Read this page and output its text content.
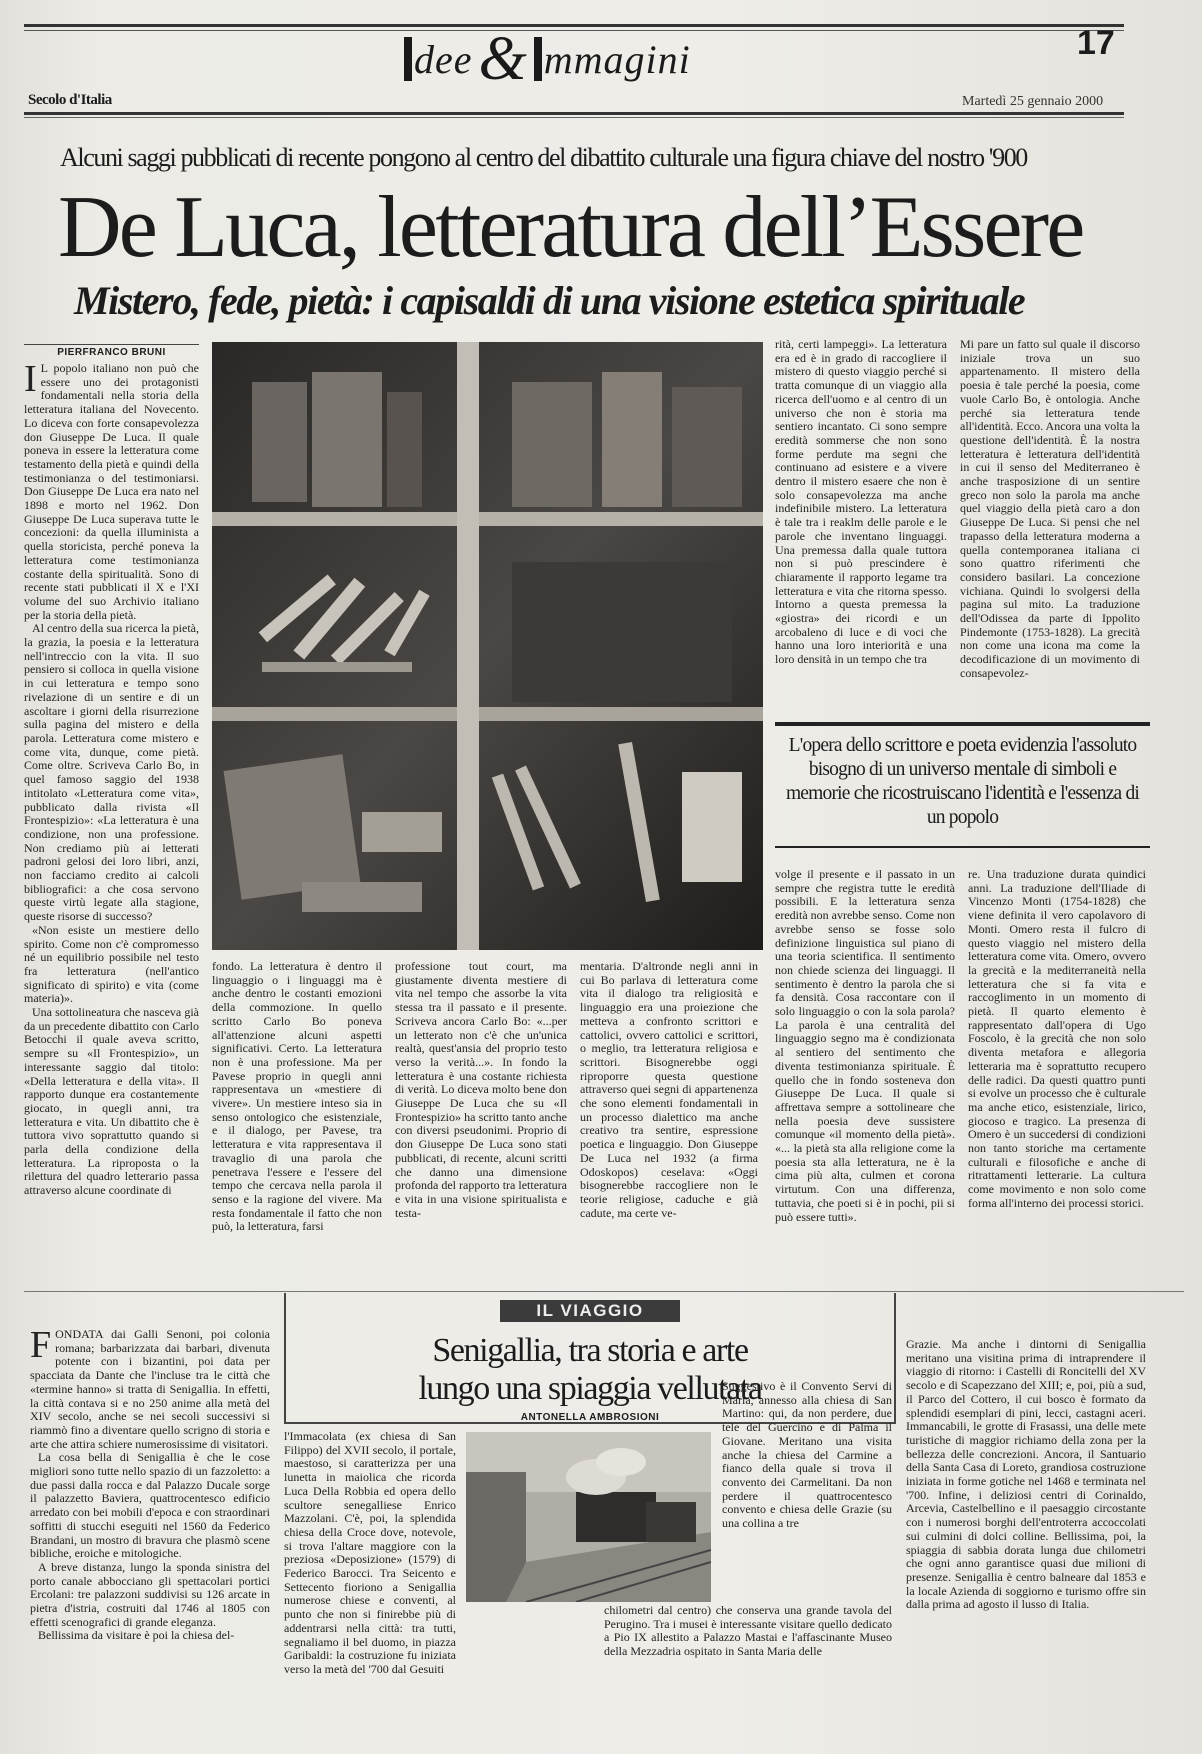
dee& mmagini	17
Secolo d'Italia	Martedì 25 gennaio 2000
Alcuni saggi pubblicati di recente pongono al centro del dibattito culturale una figura chiave del nostro '900
De Luca, letteratura dell’Essere
Mistero, fede, pietà: i capisaldi di una visione estetica spirituale
PIERFRANCO BRUNI

I L popolo italiano non può che essere uno dei protagonisti fondamentali nella storia della letteratura italiana del Novecento. Lo diceva con forte consapevolezza don Giuseppe De Luca. Il quale poneva in essere la letteratura come testamento della pietà e quindi della testimonianza o del testimoniarsi. Don Giuseppe De Luca era nato nel 1898 e morto nel 1962. Don Giuseppe De Luca superava tutte le concezioni: da quella illuminista a quella storicista, perché poneva la letteratura come testimonianza costante della spiritualità. Sono di recente stati pubblicati il X e l'XI volume del suo Archivio italiano per la storia della pietà.

Al centro della sua ricerca la pietà, la grazia, la poesia e la letteratura nell'intreccio con la vita. Il suo pensiero si colloca in quella visione in cui letteratura e tempo sono rivelazione di un sentire e di un ascoltare i giorni della risurrezione sulla pagina del mistero e della parola. Letteratura come mistero e come vita, dunque, come pietà. Come oltre. Scriveva Carlo Bo, in quel famoso saggio del 1938 intitolato «Letteratura come vita», pubblicato dalla rivista «Il Frontespizio»: «La letteratura è una condizione, non una professione. Non crediamo più ai letterati padroni gelosi dei loro libri, anzi, non facciamo credito ai calcoli bibliografici: a che cosa servono queste virtù legate alla stagione, queste risorse di successo?

«Non esiste un mestiere dello spirito. Come non c'è compromesso né un equilibrio possibile nel testo fra letteratura (nell'antico significato di spirito) e vita (come materia)».

Una sottolineatura che nasceva già da un precedente dibattito con Carlo Betocchi il quale aveva scritto, sempre su «Il Frontespizio», un interessante saggio dal titolo: «Della letteratura e della vita». Il rapporto dunque era costantemente giocato, in quegli anni, tra letteratura e vita. Un dibattito che è tuttora vivo soprattutto quando si parla della condizione della letteratura. La riproposta o la rilettura del quadro letterario passa attraverso alcune coordinate di

fondo. La letteratura è dentro il linguaggio o i linguaggi ma è anche dentro le costanti emozioni della commozione. In quello scritto Carlo Bo poneva all'attenzione alcuni aspetti significativi. Certo. La letteratura non è una professione. Ma per Pavese proprio in quegli anni rappresentava un «mestiere di vivere». Un mestiere inteso sia in senso ontologico che esistenziale, e il dialogo, per Pavese, tra letteratura e vita rappresentava il travaglio di una parola che penetrava l'essere e l'essere del tempo che cercava nella parola il senso e la ragione del vivere. Ma resta fondamentale il fatto che non può, la letteratura, farsi
professione tout court, ma giustamente diventa mestiere di vita nel tempo che assorbe la vita stessa tra il passato e il presente. Scriveva ancora Carlo Bo: «...per un letterato non c'è che un'unica realtà, quest'ansia del proprio testo verso la verità...». In fondo la letteratura è una costante richiesta di verità. Lo diceva molto bene don Giuseppe De Luca che su «Il Frontespizio» ha scritto tanto anche con diversi pseudonimi. Proprio di don Giuseppe De Luca sono stati pubblicati, di recente, alcuni scritti che danno una dimensione profonda del rapporto tra letteratura e vita in una visione spiritualista e testa-
mentaria. D'altronde negli anni in cui Bo parlava di letteratura come vita il dialogo tra religiosità e linguaggio era una proiezione che metteva a confronto scrittori e cattolici, ovvero cattolici e scrittori, o meglio, tra letteratura religiosa e scrittori. Bisognerebbe oggi riproporre questa questione attraverso quei segni di appartenenza che sono elementi fondamentali in un processo dialettico ma anche creativo tra sentire, espressione poetica e linguaggio. Don Giuseppe De Luca nel 1932 (a firma Odoskopos) ceselava: «Oggi bisognerebbe raccogliere non le teorie religiose, caduche e già cadute, ma certe ve-
rità, certi lampeggi». La letteratura era ed è in grado di raccogliere il mistero di questo viaggio perché si tratta comunque di un viaggio alla ricerca dell'uomo e al centro di un universo che non è storia ma sentiero incantato. Ci sono sempre eredità sommerse che non sono forme perdute ma segni che continuano ad esistere e a vivere dentro il mistero esaere che non è solo consapevolezza ma anche indefinibile mistero. La letteratura è tale tra i reaklm delle parole e le parole che inventano linguaggi. Una premessa dalla quale tuttora non si può prescindere è chiaramente il rapporto legame tra letteratura e vita che ritorna spesso. Intorno a questa premessa la «giostra» dei ricordi e un arcobaleno di luce e di voci che hanno una loro interiorità e una loro densità in un tempo che tra
Mi pare un fatto sul quale il discorso iniziale trova un suo appartenamento. Il mistero della poesia è tale perché la poesia, come vuole Carlo Bo, è ontologia. Anche perché sia letteratura tende all'identità. Ecco. Ancora una volta la questione dell'identità. È la nostra letteratura è letteratura dell'identità in cui il senso del Mediterraneo è anche trasposizione di un sentire greco non solo la parola ma anche quel viaggio della pietà caro a don Giuseppe De Luca. Si pensi che nel trapasso della letteratura moderna a quella contemporanea italiana ci sono quattro riferimenti che considero basilari. La concezione vichiana. Quindi lo svolgersi della pagina sul mito. La traduzione dell'Odissea da parte di Ippolito Pindemonte (1753-1828). La grecità non come una icona ma come la decodificazione di un movimento di consapevolez-

L'opera dello scrittore e poeta evidenzia l'assoluto bisogno di un universo mentale di simboli e memorie che ricostruiscano l'identità e l'essenza di un popolo

volge il presente e il passato in un sempre che registra tutte le eredità possibili. E la letteratura senza eredità non avrebbe senso. Come non avrebbe senso se fosse solo definizione linguistica sul piano di una teoria scientifica. Il sentimento non chiede scienza dei linguaggi. Il sentimento è dentro la parola che si fa densità. Cosa raccontare con il solo linguaggio o con la sola parola? La parola è una centralità del linguaggio segno ma è condizionata al sentiero del sentimento che diventa testimonianza spirituale. È quello che in fondo sosteneva don Giuseppe De Luca. Il quale si affrettava sempre a sottolineare che nella poesia deve sussistere comunque «il momento della pietà». «... la pietà sta alla religione come la poesia sta alla letteratura, ne è la cima più alta, culmen et corona virtutum. Con una differenza, tuttavia, che poeti si è in pochi, pii si può essere tutti».
re. Una traduzione durata quindici anni. La traduzione dell'Iliade di Vincenzo Monti (1754-1828) che viene definita il vero capolavoro di Monti. Omero resta il fulcro di questo viaggio nel mistero della letteratura come vita. Omero, ovvero la grecità e la mediterraneità nella letteratura che si fa vita e raccoglimento in un momento di pietà. Il quarto elemento è rappresentato dall'opera di Ugo Foscolo, è la grecità che non solo diventa metafora e allegoria letteraria ma è soprattutto recupero delle radici. Da questi quattro punti si evolve un processo che è culturale ma anche etico, esistenziale, lirico, giocoso e tragico. La presenza di Omero è un succedersi di condizioni non tanto storiche ma certamente culturali e filosofiche e anche di ritrattamenti letterarie. La cultura come movimento e non solo come forma all'interno dei processi storici.
IL VIAGGIO
Senigallia, tra storia e arte
lungo una spiaggia vellutata
ANTONELLA AMBROSIONI

FONDATA dai Galli Senoni, poi colonia romana; barbarizzata dai barbari, divenuta potente con i bizantini, poi data per spacciata da Dante che l'incluse tra le città che «termine hanno» si tratta di Senigallia. In effetti, la città contava si e no 250 anime alla metà del XIV secolo, anche se nei secoli successivi si riammò fino a diventare quello scrigno di storia e arte che attira schiere numerosissime di visitatori.

La cosa bella di Senigallia è che le cose migliori sono tutte nello spazio di un fazzoletto: a due passi dalla rocca e dal Palazzo Ducale sorge il palazzetto Baviera, quattrocentesco edificio arredato con bei mobili d'epoca e con straordinari soffitti di stucchi eseguiti nel 1560 da Federico Brandani, un mostro di bravura che plasmò scene bibliche, eroiche e mitologiche.

A breve distanza, lungo la sponda sinistra del porto canale abbocciano gli spettacolari portici Ercolani: tre palazzoni suddivisi su 126 arcate in pietra d'istria, costruiti dal 1746 al 1805 con effetti scenografici di grande eleganza.

Bellissima da visitare è poi la chiesa del-

l'Immacolata (ex chiesa di San Filippo) del XVII secolo, il portale, maestoso, si caratterizza per una lunetta in maiolica che ricorda Luca Della Robbia ed opera dello scultore senegalliese Enrico Mazzolani. C'è, poi, la splendida chiesa della Croce dove, notevole, si trova l'altare maggiore con la preziosa «Deposizione» (1579) di Federico Barocci. Tra Seicento e Settecento fioriono a Senigallia numerose chiese e conventi, al punto che non si finirebbe più di addentrarsi nella città: tra tutti, segnaliamo il bel duomo, in piazza Garibaldi: la costruzione fu iniziata verso la metà del '700 dal Gesuiti
Suggestivo è il Convento Servi di Maria, annesso alla chiesa di San Martino: qui, da non perdere, due tele del Guercino e di Palma il Giovane. Meritano una visita anche la chiesa del Carmine a fianco della quale si trova il convento dei Carmelitani. Da non perdere il quattrocentesco convento e chiesa delle Grazie (su una collina a tre
chilometri dal centro) che conserva una grande tavola del Perugino. Tra i musei è interessante visitare quello dedicato a Pio IX allestito a Palazzo Mastai e l'affascinante Museo della Mezzadria ospitato in Santa Maria delle
Grazie. Ma anche i dintorni di Senigallia meritano una visitina prima di intraprendere il viaggio di ritorno: i Castelli di Roncitelli del XV secolo e di Scapezzano del XIII; e, poi, più a sud, il Parco del Cottero, il cui bosco è formato da splendidi esemplari di pini, lecci, castagni aceri. Immancabili, le grotte di Frasassi, una delle mete turistiche di maggior richiamo della zona per la bellezza delle concrezioni. Ancora, il Santuario della Santa Casa di Loreto, grandiosa costruzione iniziata in forme gotiche nel 1468 e terminata nel '700. Infine, i deliziosi centri di Corinaldo, Arcevia, Castelbellino e il paesaggio circostante con i numerosi borghi dell'entroterra accoccolati sui culmini di dolci colline. Bellissima, poi, la spiaggia di sabbia dorata lunga due chilometri che ogni anno garantisce quasi due milioni di presenze. Senigallia è centro balneare dal 1853 e la locale Azienda di soggiorno e turismo offre sin dalla prima ad agosto il lusso di Italia.
